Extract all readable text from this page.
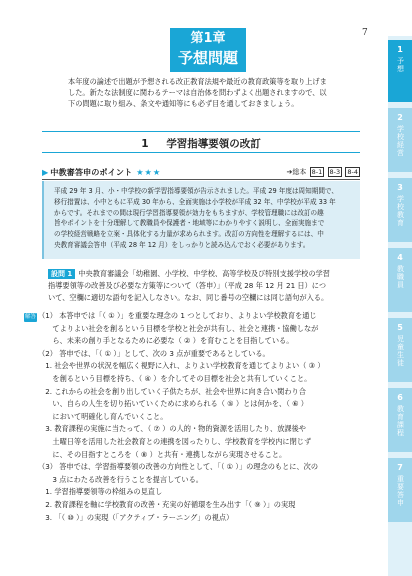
7
第1章
予想問題
本年度の論述で出題が予想される改正教育法規や最近の教育政策等を取り上げま
した。新たな法制度に関わるテーマは自治体を問わずよく出題されますので、以
下の問題に取り組み、条文や通知等にも必ず目を通しておきましょう。
1 　 学習指導要領の改訂
▶ 中教審答申のポイント ★★★	➔総本 8-1 8-3 8-4
平成 29 年 3 月、小・中学校の新学習指導要領が告示されました。平成 29 年度は周知期間で、
移行措置は、小中ともに平成 30 年から、全面実施は小学校が平成 32 年、中学校が平成 33 年
からです。それまでの間は現行学習指導要領が効力をもちますが、学校管理職には改訂の趣
旨やポイントを十分理解して教職員や保護者・地域等にわかりやすく説明し、全面実施まで
の学校経営戦略を立案・具体化する力量が求められます。改訂の方向性を理解するには、中
央教育審議会答申（平成 28 年 12 月）をしっかりと読み込んでおく必要があります。
設問 1 中央教育審議会「幼稚園、小学校、中学校、高等学校及び特別支援学校の学習
指導要領等の改善及び必要な方策等について（答申）」（平成 28 年 12 月 21 日）につ
いて、空欄に適切な語句を記入しなさい。なお、同じ番号の空欄には同じ語句が入る。
解答 （1） 本答申では「（ ① ）」を重要な理念の 1 つとしており、よりよい学校教育を通じ
　　てよりよい社会を創るという目標を学校と社会が共有し、社会と連携・協働しなが
　　ら、未来の創り手となるために必要な（ ② ）を育むことを目指している。
（2） 答申では、「（ ① ）」として、次の 3 点が重要であるとしている。
　1. 社会や世界の状況を幅広く視野に入れ、よりよい学校教育を通じてよりよい（ ③ ）
　　を創るという目標を持ち、（ ④ ）を介してその目標を社会と共有していくこと。
　2. これからの社会を創り出していく子供たちが、社会や世界に向き合い関わり合
　　い、自らの人生を切り拓いていくために求められる（ ⑤ ）とは何かを、（ ⑥ ）
　　において明確化し育んでいくこと。
　3. 教育課程の実施に当たって、（ ⑦ ）の人的・物的資源を活用したり、放課後や
　　土曜日等を活用した社会教育との連携を図ったりし、学校教育を学校内に閉じず
　　に、その目指すところを（ ⑧ ）と共有・連携しながら実現させること。
（3） 答申では、学習指導要領の改善の方向性として、「（ ① ）」の理念のもとに、次の
　　3 点にわたる改善を行うことを提言している。
　1. 学習指導要領等の枠組みの見直し
　2. 教育課程を軸に学校教育の改善・充実の好循環を生み出す「（ ⑨ ）」の実現
　3. 「（ ⑩ ）」の実現（「アクティブ・ラーニング」の視点）
1
予想
2
学校経営
3
学校教育
4
教職員
5
児童生徒
6
教育課程
7
重要答申
